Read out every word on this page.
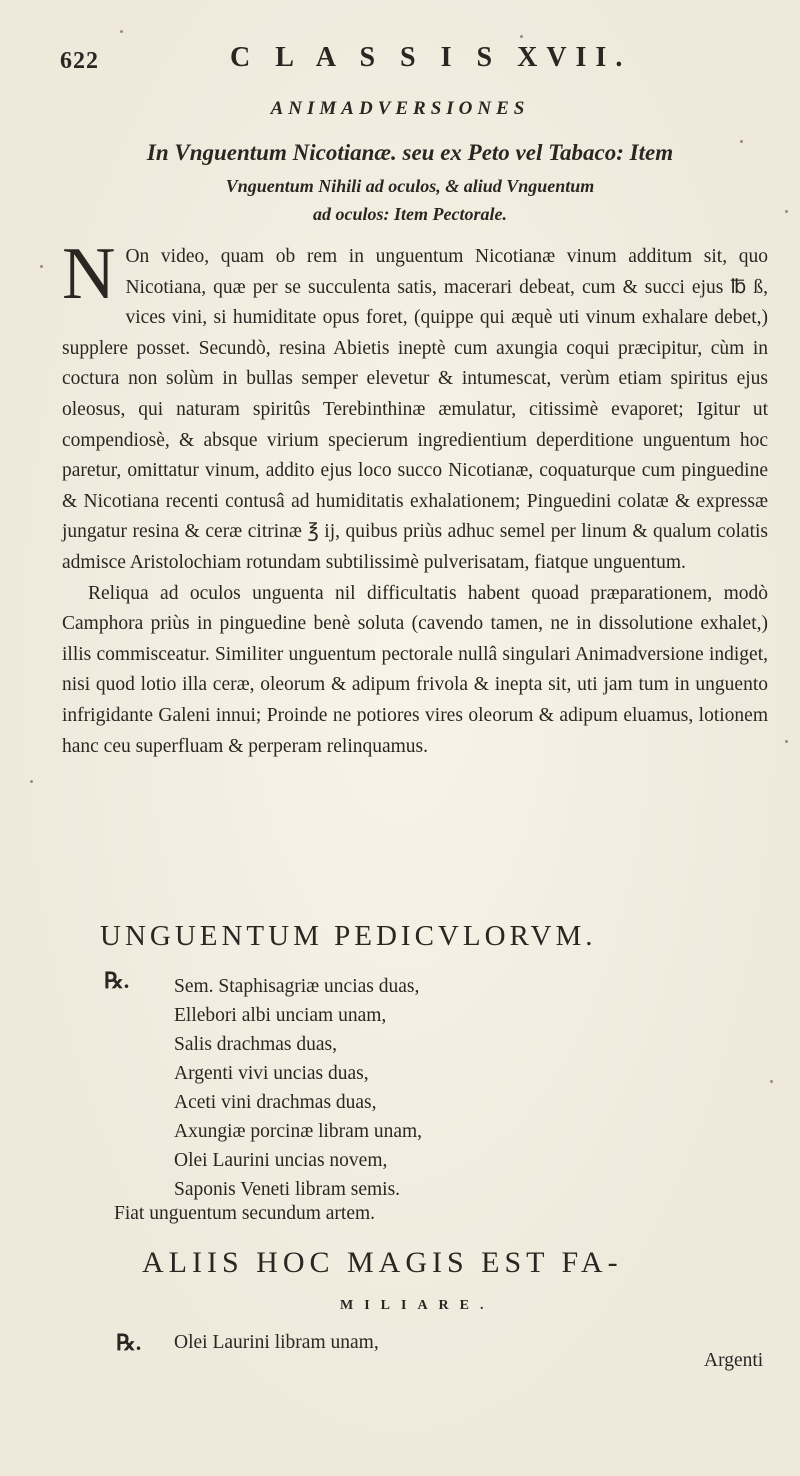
622	C L A S S I S XVII.
ANIMADVERSIONES
In Vnguentum Nicotianæ. seu ex Peto vel Tabaco: Item
Vnguentum Nihili ad oculos, & aliud Vnguentum
ad oculos: Item Pectorale.

N On video, quam ob rem in unguentum Nicotianæ vinum additum sit, quo Nicotiana, quæ per se succulenta satis, macerari debeat, cum & succi ejus ℔ ß, vices vini, si humiditate opus foret, (quippe qui æquè uti vinum exhalare debet,) supplere posset. Secundò, resina Abietis ineptè cum axungia coqui præcipitur, cùm in coctura non solùm in bullas semper elevetur & intumescat, verùm etiam spiritus ejus oleosus, qui naturam spiritûs Terebinthinæ æmulatur, citissimè evaporet; Igitur ut compendiosè, & absque virium specierum ingredientium deperditione unguentum hoc paretur, omittatur vinum, addito ejus loco succo Nicotianæ, coquaturque cum pinguedine & Nicotiana recenti contusâ ad humiditatis exhalationem; Pinguedini colatæ & expressæ jungatur resina & ceræ citrinæ ℥ ij, quibus priùs adhuc semel per linum & qualum colatis admisce Aristolochiam rotundam subtilissimè pulverisatam, fiatque unguentum.

Reliqua ad oculos unguenta nil difficultatis habent quoad præparationem, modò Camphora priùs in pinguedine benè soluta (cavendo tamen, ne in dissolutione exhalet,) illis commisceatur. Similiter unguentum pectorale nullâ singulari Animadversione indiget, nisi quod lotio illa ceræ, oleorum & adipum frivola & inepta sit, uti jam tum in unguento infrigidante Galeni innui; Proinde ne potiores vires oleorum & adipum eluamus, lotionem hanc ceu superfluam & perperam relinquamus.

UNGUENTUM PEDICVLORVM.
℞. Sem. Staphisagriæ uncias duas,
Ellebori albi unciam unam,
Salis drachmas duas,
Argenti vivi uncias duas,
Aceti vini drachmas duas,
Axungiæ porcinæ libram unam,
Olei Laurini uncias novem,
Saponis Veneti libram semis.
Fiat unguentum secundum artem.
ALIIS HOC MAGIS EST FA-
MILIARE.
℞. Olei Laurini libram unam,
Argenti
